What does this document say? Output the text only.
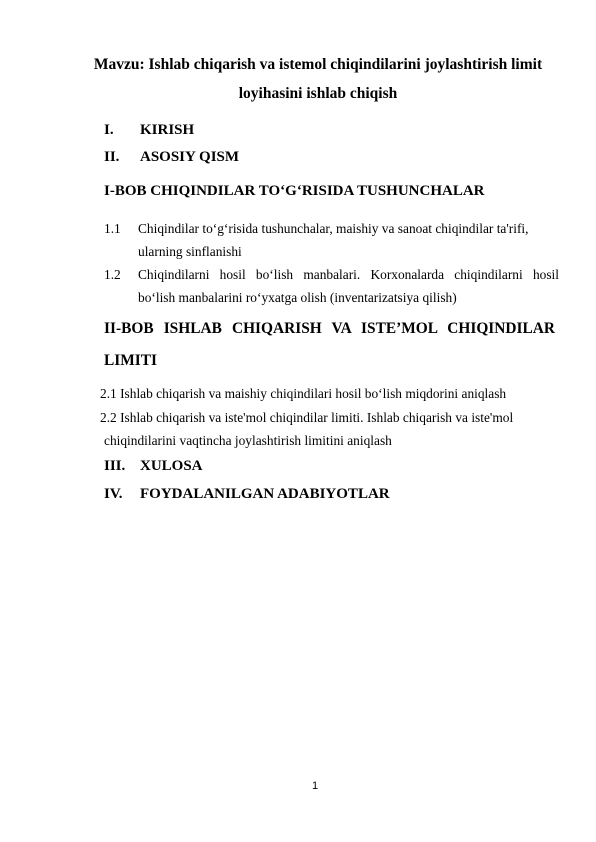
Mavzu: Ishlab chiqarish va istemol chiqindilarini joylashtirish limit
loyihasini ishlab chiqish
I. KIRISH
II. ASOSIY QISM
I-BOB CHIQINDILAR TO‘G‘RISIDA TUSHUNCHALAR
1.1 Chiqindilar to‘g‘risida tushunchalar, maishiy va sanoat chiqindilar ta'rifi,
ularning sinflanishi
1.2 Chiqindilarni hosil bo‘lish manbalari. Korxonalarda chiqindilarni hosil
bo‘lish manbalarini ro‘yxatga olish (inventarizatsiya qilish)
II-BOB ISHLAB CHIQARISH VA ISTE’MOL CHIQINDILAR
LIMITI
2.1 Ishlab chiqarish va maishiy chiqindilari hosil bo‘lish miqdorini aniqlash
2.2 Ishlab chiqarish va iste'mol chiqindilar limiti. Ishlab chiqarish va iste'mol
chiqindilarini vaqtincha joylashtirish limitini aniqlash
III. XULOSA
IV. FOYDALANILGAN ADABIYOTLAR
1
